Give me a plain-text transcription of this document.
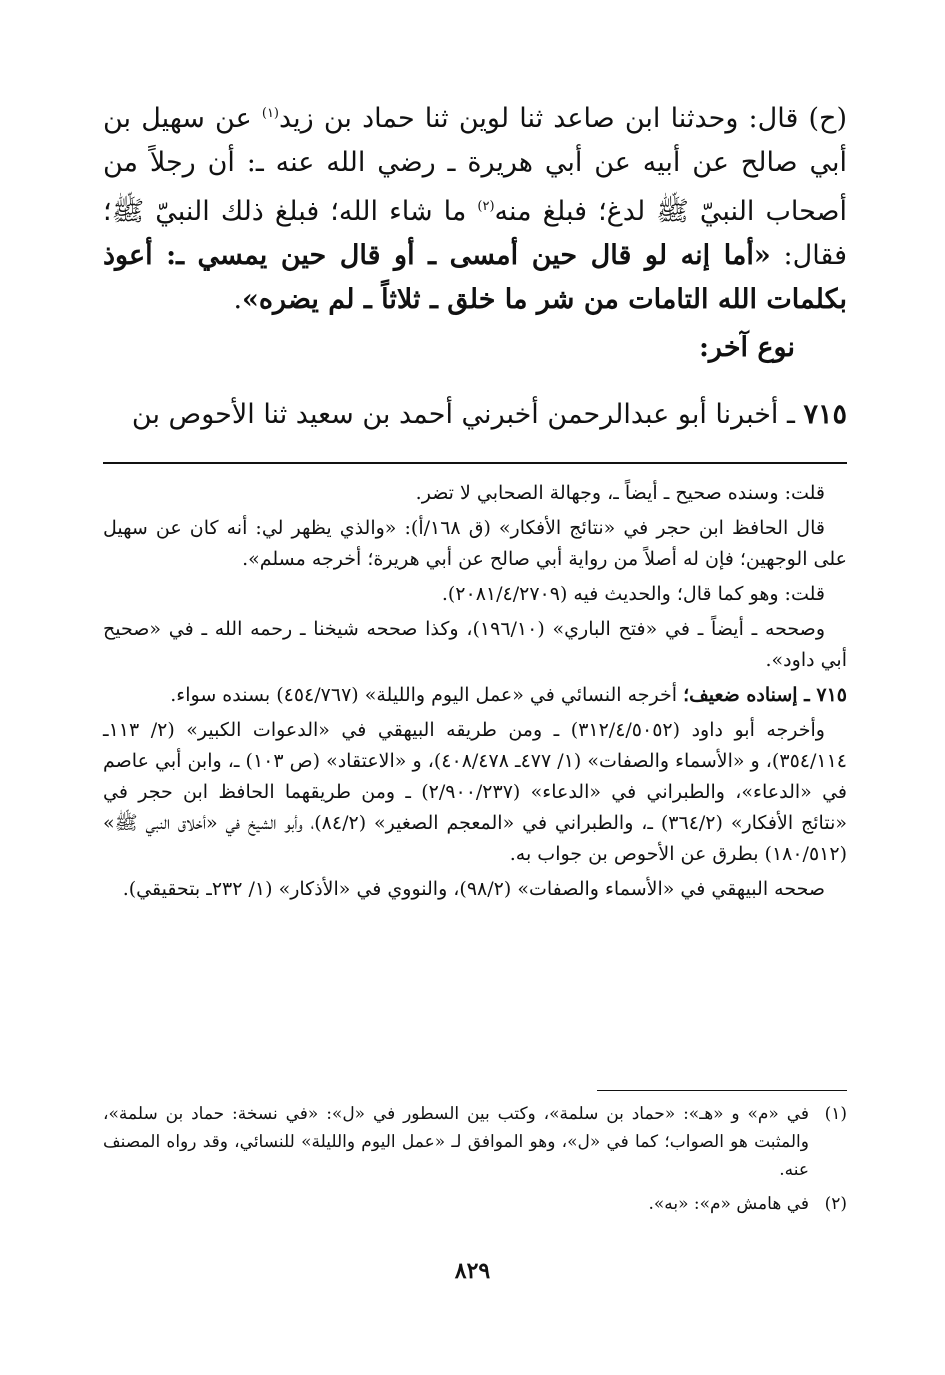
(ح) قال: وحدثنا ابن صاعد ثنا لوين ثنا حماد بن زيد$^{(١)}$ عن سهيل بن أبي صالح عن أبيه عن أبي هريرة ـ رضي الله عنه ـ: أن رجلاً من أصحاب النبيّ ﷺ لدغ؛ فبلغ منه$^{(٢)}$ ما شاء الله؛ فبلغ ذلك النبيّ ﷺ؛ فقال: «أما إنه لو قال حين أمسى ـ أو قال حين يمسي ـ: أعوذ بكلمات الله التامات من شر ما خلق ـ ثلاثاً ـ لم يضره».

نوع آخر:
٧١٥ ـ أخبرنا أبو عبدالرحمن أخبرني أحمد بن سعيد ثنا الأحوص بن

قلت: وسنده صحيح ـ أيضاً ـ، وجهالة الصحابي لا تضر.

قال الحافظ ابن حجر في «نتائج الأفكار» (ق ١٦٨/أ): «والذي يظهر لي: أنه كان عن سهيل على الوجهين؛ فإن له أصلاً من رواية أبي صالح عن أبي هريرة؛ أخرجه مسلم».

قلت: وهو كما قال؛ والحديث فيه (٢٠٨١/٤/٢٧٠٩).

وصححه ـ أيضاً ـ في «فتح الباري» (١٩٦/١٠)، وكذا صححه شيخنا ـ رحمه الله ـ في «صحيح أبي داود».

٧١٥ ـ إسناده ضعيف؛ أخرجه النسائي في «عمل اليوم والليلة» (٤٥٤/٧٦٧) بسنده سواء.

وأخرجه أبو داود (٣١٢/٤/٥٠٥٢) ـ ومن طريقه البيهقي في «الدعوات الكبير» (٢/ ١١٣ـ ٣٥٤/١١٤)، و «الأسماء والصفات» (١/ ٤٧٧ـ ٤٠٨/٤٧٨)، و «الاعتقاد» (ص ١٠٣) ـ، وابن أبي عاصم في «الدعاء»، والطبراني في «الدعاء» (٢/٩٠٠/٢٣٧) ـ ومن طريقهما الحافظ ابن حجر في «نتائج الأفكار» (٣٦٤/٢) ـ، والطبراني في «المعجم الصغير» (٨٤/٢)، وأبو الشيخ في «أخلاق النبي ﷺ» (١٨٠/٥١٢) بطرق عن الأحوص بن جواب به.

صححه البيهقي في «الأسماء والصفات» (٩٨/٢)، والنووي في «الأذكار» (١/ ٢٣٢ـ بتحقيقي).

(١)
في «م» و «هـ»: «حماد بن سلمة»، وكتب بين السطور في «ل»: «في نسخة: حماد بن سلمة»، والمثبت هو الصواب؛ كما في «ل»، وهو الموافق لـ «عمل اليوم والليلة» للنسائي، وقد رواه المصنف عنه.
(٢)
في هامش «م»: «به».
٨٢٩
